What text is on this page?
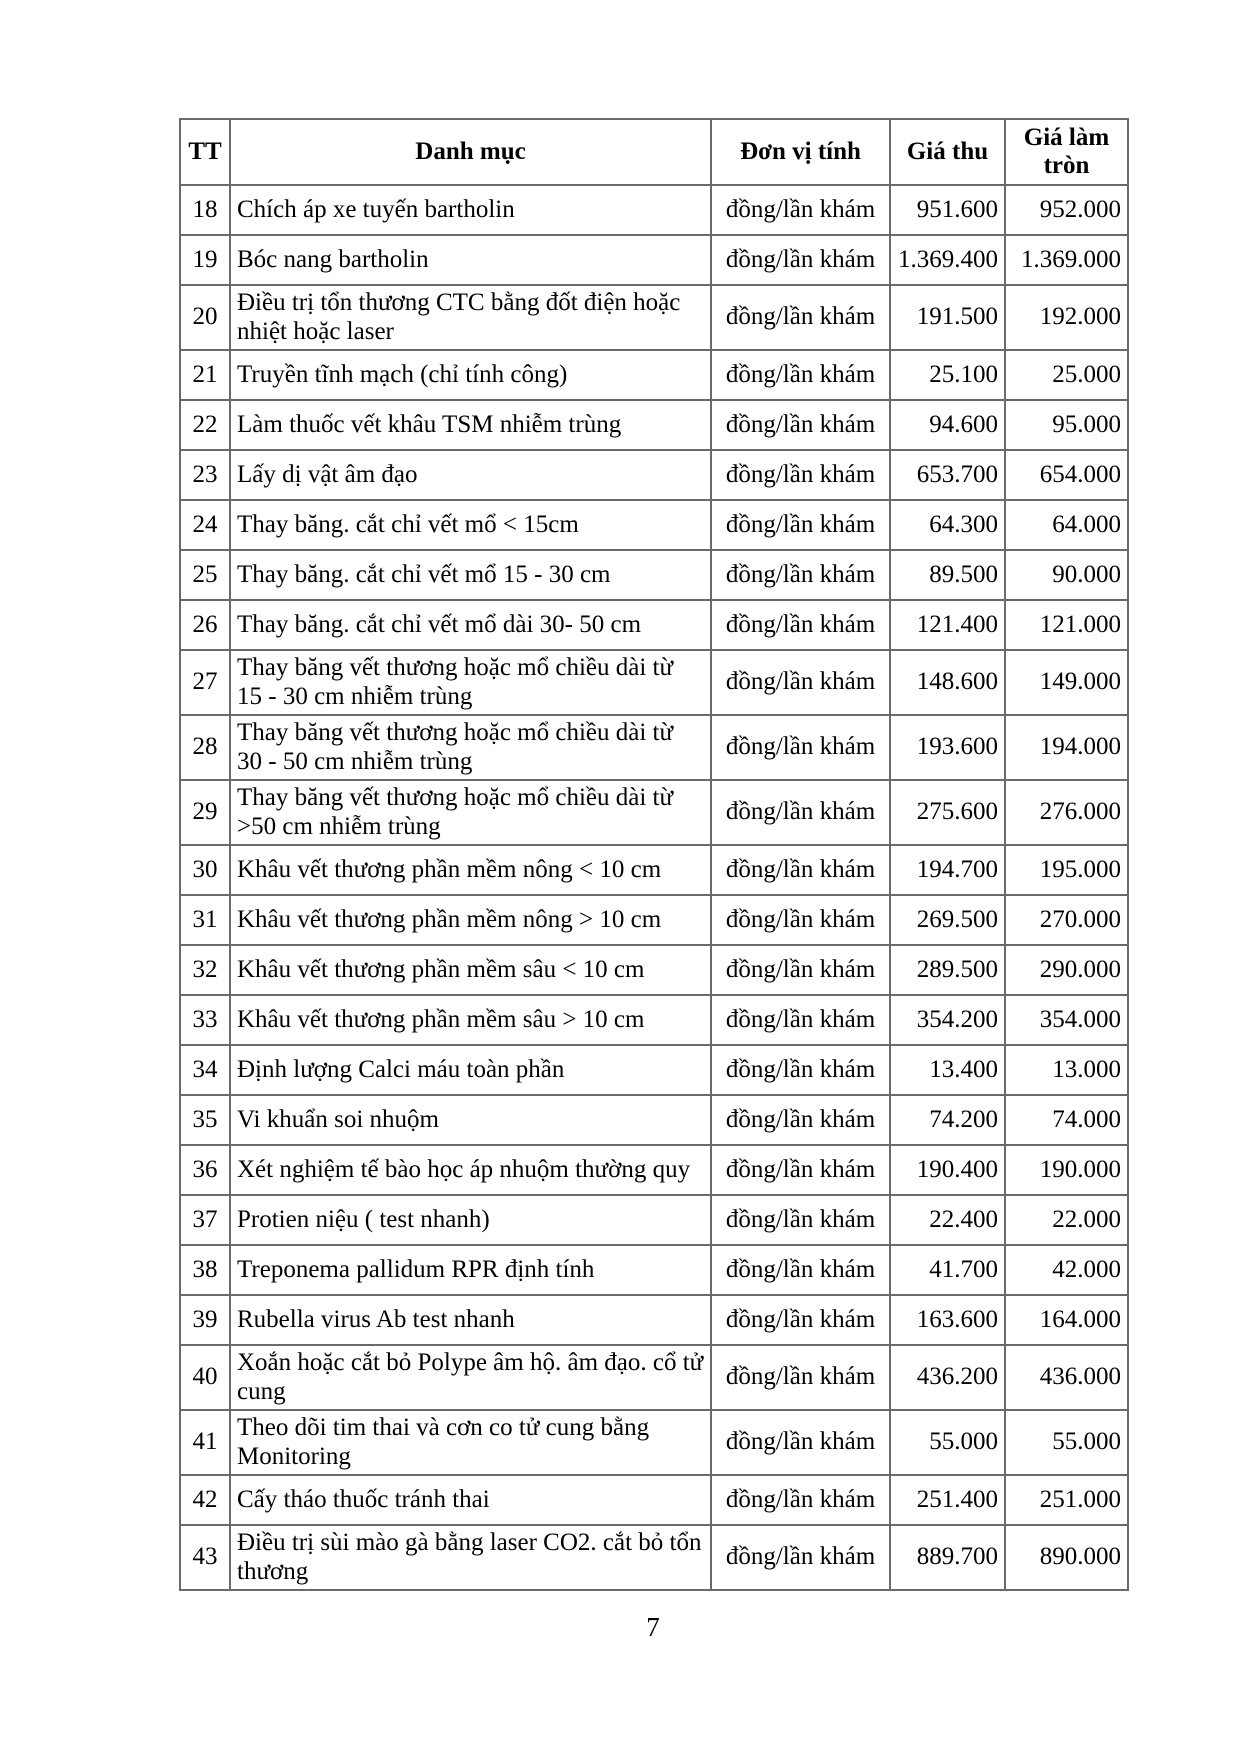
TT	Danh mục	Đơn vị tính	Giá thu	Giá làm tròn
18	Chích áp xe tuyến bartholin	đồng/lần khám	951.600	952.000
19	Bóc nang bartholin	đồng/lần khám	1.369.400	1.369.000
20	Điều trị tổn thương CTC bằng đốt điện hoặc nhiệt hoặc laser	đồng/lần khám	191.500	192.000
21	Truyền tĩnh mạch (chỉ tính công)	đồng/lần khám	25.100	25.000
22	Làm thuốc vết khâu TSM nhiễm trùng	đồng/lần khám	94.600	95.000
23	Lấy dị vật âm đạo	đồng/lần khám	653.700	654.000
24	Thay băng. cắt chỉ vết mổ < 15cm	đồng/lần khám	64.300	64.000
25	Thay băng. cắt chỉ vết mổ 15 - 30 cm	đồng/lần khám	89.500	90.000
26	Thay băng. cắt chỉ vết mổ dài 30- 50 cm	đồng/lần khám	121.400	121.000
27	Thay băng vết thương hoặc mổ chiều dài từ 15 - 30 cm nhiễm trùng	đồng/lần khám	148.600	149.000
28	Thay băng vết thương hoặc mổ chiều dài từ 30 - 50 cm nhiễm trùng	đồng/lần khám	193.600	194.000
29	Thay băng vết thương hoặc mổ chiều dài từ >50 cm nhiễm trùng	đồng/lần khám	275.600	276.000
30	Khâu vết thương phần mềm nông < 10 cm	đồng/lần khám	194.700	195.000
31	Khâu vết thương phần mềm nông > 10 cm	đồng/lần khám	269.500	270.000
32	Khâu vết thương phần mềm sâu < 10 cm	đồng/lần khám	289.500	290.000
33	Khâu vết thương phần mềm sâu > 10 cm	đồng/lần khám	354.200	354.000
34	Định lượng Calci máu toàn phần	đồng/lần khám	13.400	13.000
35	Vi khuẩn soi nhuộm	đồng/lần khám	74.200	74.000
36	Xét nghiệm tế bào học áp nhuộm thường quy	đồng/lần khám	190.400	190.000
37	Protien niệu ( test nhanh)	đồng/lần khám	22.400	22.000
38	Treponema pallidum RPR định tính	đồng/lần khám	41.700	42.000
39	Rubella virus Ab test nhanh	đồng/lần khám	163.600	164.000
40	Xoắn hoặc cắt bỏ Polype âm hộ. âm đạo. cổ tử cung	đồng/lần khám	436.200	436.000
41	Theo dõi tim thai và cơn co tử cung bằng Monitoring	đồng/lần khám	55.000	55.000
42	Cấy tháo thuốc tránh thai	đồng/lần khám	251.400	251.000
43	Điều trị sùi mào gà bằng laser CO2. cắt bỏ tổn thương	đồng/lần khám	889.700	890.000
7
